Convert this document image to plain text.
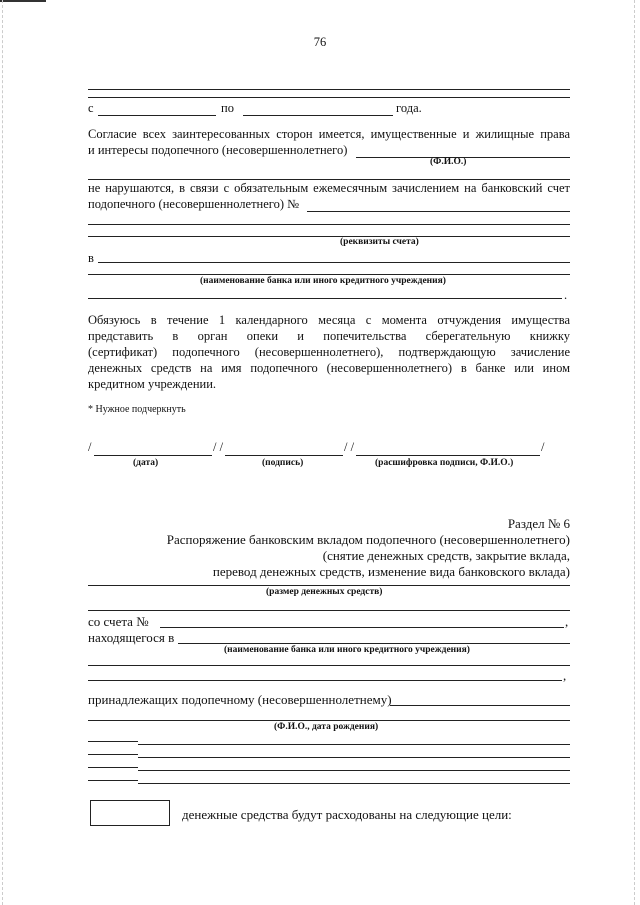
76
с	по	года.
Согласие всех заинтересованных сторон имеется, имущественные и жилищные права
и интересы подопечного (несовершеннолетнего)
(Ф.И.О.)
не нарушаются, в связи с обязательным ежемесячным зачислением на банковский счет
подопечного (несовершеннолетнего) №
(реквизиты счета)
в
(наименование банка или иного кредитного учреждения)
.
Обязуюсь в течение 1 календарного месяца с момента отчуждения имущества
представить в орган опеки и попечительства сберегательную книжку
(сертификат) подопечного (несовершеннолетнего), подтверждающую зачисление
денежных средств на имя подопечного (несовершеннолетнего) в банке или ином
кредитном учреждении.
* Нужное подчеркнуть
/	/ /	/ /	/
(дата)	(подпись)	(расшифровка подписи, Ф.И.О.)
Раздел № 6
Распоряжение банковским вкладом подопечного (несовершеннолетнего)
(снятие денежных средств, закрытие вклада,
перевод денежных средств, изменение вида банковского вклада)
(размер денежных средств)
со счета №	,
находящегося в
(наименование банка или иного кредитного учреждения)
,
принадлежащих подопечному (несовершеннолетнему)
(Ф.И.О., дата рождения)
денежные средства будут расходованы на следующие цели:
